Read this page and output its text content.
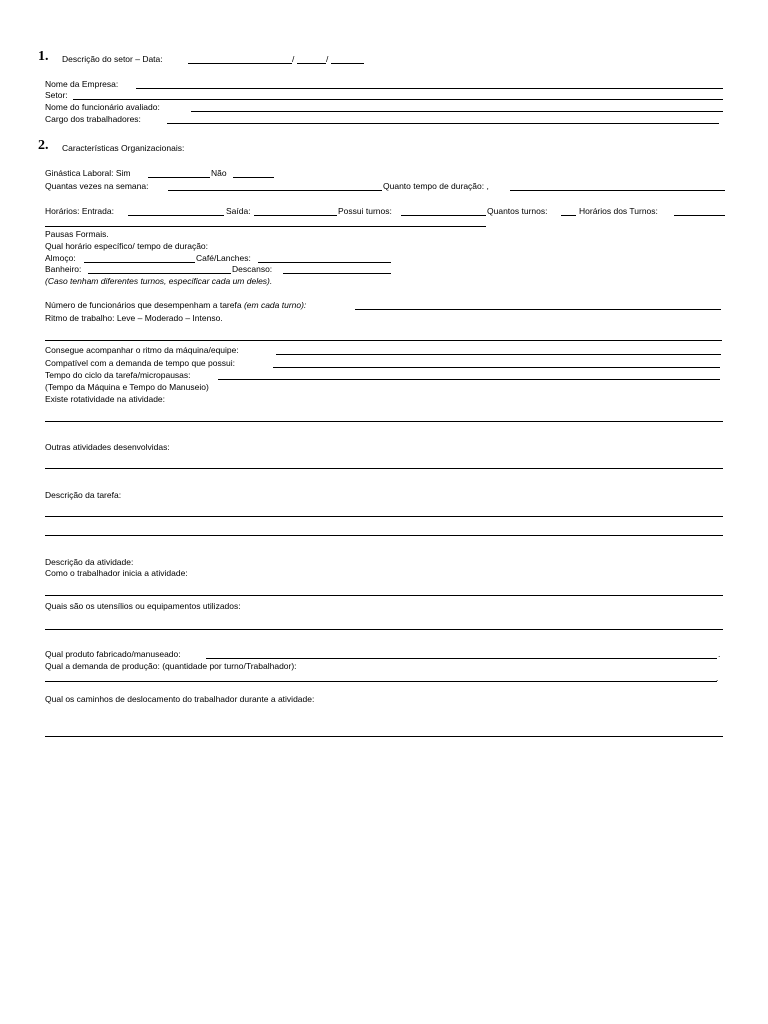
1. Descrição do setor – Data:	/	/
Nome da Empresa:
Setor:
Nome do funcionário avaliado:
Cargo dos trabalhadores:
2. Características Organizacionais:
Ginástica Laboral: Sim	Não
Quantas vezes na semana:	Quanto tempo de duração: ,
Horários: Entrada:	Saída:	Possui turnos:	Quantos turnos:	Horários dos Turnos:
Pausas Formais.
Qual horário específico/ tempo de duração:
Almoço:	Café/Lanches:
Banheiro:	Descanso:
(Caso tenham diferentes turnos, especificar cada um deles).
Número de funcionários que desempenham a tarefa (em cada turno):
Ritmo de trabalho: Leve – Moderado – Intenso.
Consegue acompanhar o ritmo da máquina/equipe:
Compatível com a demanda de tempo que possui:
Tempo do ciclo da tarefa/micropausas:
(Tempo da Máquina e Tempo do Manuseio)
Existe rotatividade na atividade:
Outras atividades desenvolvidas:
Descrição da tarefa:
Descrição da atividade:
Como o trabalhador inicia a atividade:
Quais são os utensílios ou equipamentos utilizados:
Qual produto fabricado/manuseado:	.
Qual a demanda de produção: (quantidade por turno/Trabalhador):
.
Qual os caminhos de deslocamento do trabalhador durante a atividade:
